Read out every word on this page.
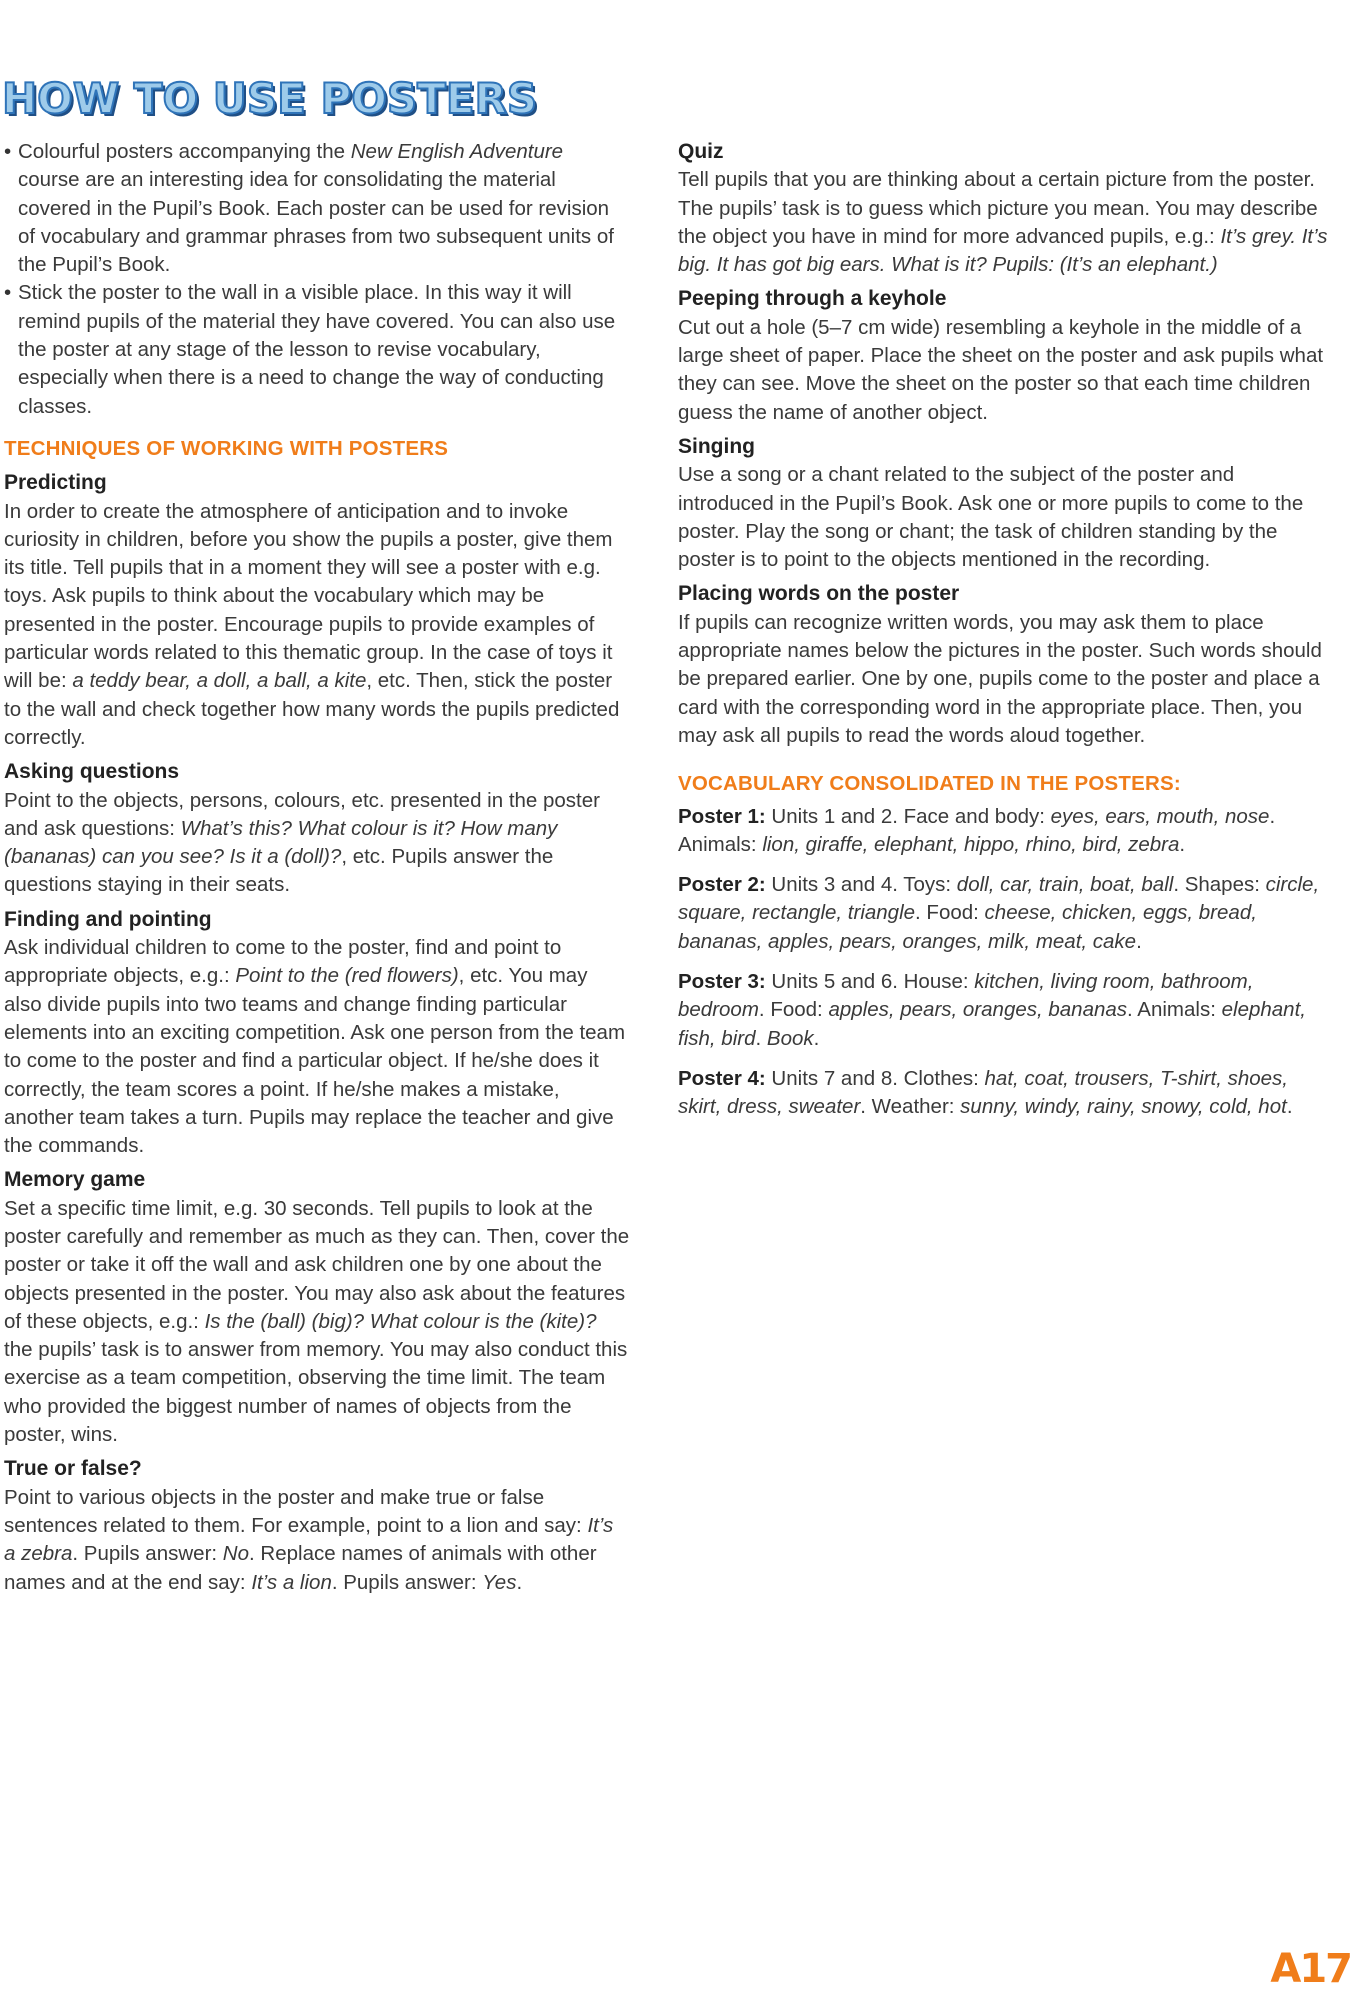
HOW TO USE POSTERS
• Colourful posters accompanying the New English Adventure course are an interesting idea for consolidating the material covered in the Pupil’s Book. Each poster can be used for revision of vocabulary and grammar phrases from two subsequent units of the Pupil’s Book.
• Stick the poster to the wall in a visible place. In this way it will remind pupils of the material they have covered. You can also use the poster at any stage of the lesson to revise vocabulary, especially when there is a need to change the way of conducting classes.
TECHNIQUES OF WORKING WITH POSTERS
Predicting

In order to create the atmosphere of anticipation and to invoke curiosity in children, before you show the pupils a poster, give them its title. Tell pupils that in a moment they will see a poster with e.g. toys. Ask pupils to think about the vocabulary which may be presented in the poster. Encourage pupils to provide examples of particular words related to this thematic group. In the case of toys it will be: a teddy bear, a doll, a ball, a kite, etc. Then, stick the poster to the wall and check together how many words the pupils predicted correctly.

Asking questions

Point to the objects, persons, colours, etc. presented in the poster and ask questions: What’s this? What colour is it? How many (bananas) can you see? Is it a (doll)?, etc. Pupils answer the questions staying in their seats.

Finding and pointing

Ask individual children to come to the poster, find and point to appropriate objects, e.g.: Point to the (red flowers), etc. You may also divide pupils into two teams and change finding particular elements into an exciting competition. Ask one person from the team to come to the poster and find a particular object. If he/she does it correctly, the team scores a point. If he/she makes a mistake, another team takes a turn. Pupils may replace the teacher and give the commands.

Memory game

Set a specific time limit, e.g. 30 seconds. Tell pupils to look at the poster carefully and remember as much as they can. Then, cover the poster or take it off the wall and ask children one by one about the objects presented in the poster. You may also ask about the features of these objects, e.g.: Is the (ball) (big)? What colour is the (kite)? the pupils’ task is to answer from memory. You may also conduct this exercise as a team competition, observing the time limit. The team who provided the biggest number of names of objects from the poster, wins.

True or false?

Point to various objects in the poster and make true or false sentences related to them. For example, point to a lion and say: It’s a zebra. Pupils answer: No. Replace names of animals with other names and at the end say: It’s a lion. Pupils answer: Yes.

Quiz

Tell pupils that you are thinking about a certain picture from the poster. The pupils’ task is to guess which picture you mean. You may describe the object you have in mind for more advanced pupils, e.g.: It’s grey. It’s big. It has got big ears. What is it? Pupils: (It’s an elephant.)

Peeping through a keyhole

Cut out a hole (5–7 cm wide) resembling a keyhole in the middle of a large sheet of paper. Place the sheet on the poster and ask pupils what they can see. Move the sheet on the poster so that each time children guess the name of another object.

Singing

Use a song or a chant related to the subject of the poster and introduced in the Pupil’s Book. Ask one or more pupils to come to the poster. Play the song or chant; the task of children standing by the poster is to point to the objects mentioned in the recording.

Placing words on the poster

If pupils can recognize written words, you may ask them to place appropriate names below the pictures in the poster. Such words should be prepared earlier. One by one, pupils come to the poster and place a card with the corresponding word in the appropriate place. Then, you may ask all pupils to read the words aloud together.

VOCABULARY CONSOLIDATED IN THE POSTERS:

Poster 1: Units 1 and 2. Face and body: eyes, ears, mouth, nose. Animals: lion, giraffe, elephant, hippo, rhino, bird, zebra.

Poster 2: Units 3 and 4. Toys: doll, car, train, boat, ball. Shapes: circle, square, rectangle, triangle. Food: cheese, chicken, eggs, bread, bananas, apples, pears, oranges, milk, meat, cake.

Poster 3: Units 5 and 6. House: kitchen, living room, bathroom, bedroom. Food: apples, pears, oranges, bananas. Animals: elephant, fish, bird. Book.

Poster 4: Units 7 and 8. Clothes: hat, coat, trousers, T-shirt, shoes, skirt, dress, sweater. Weather: sunny, windy, rainy, snowy, cold, hot.

A17
